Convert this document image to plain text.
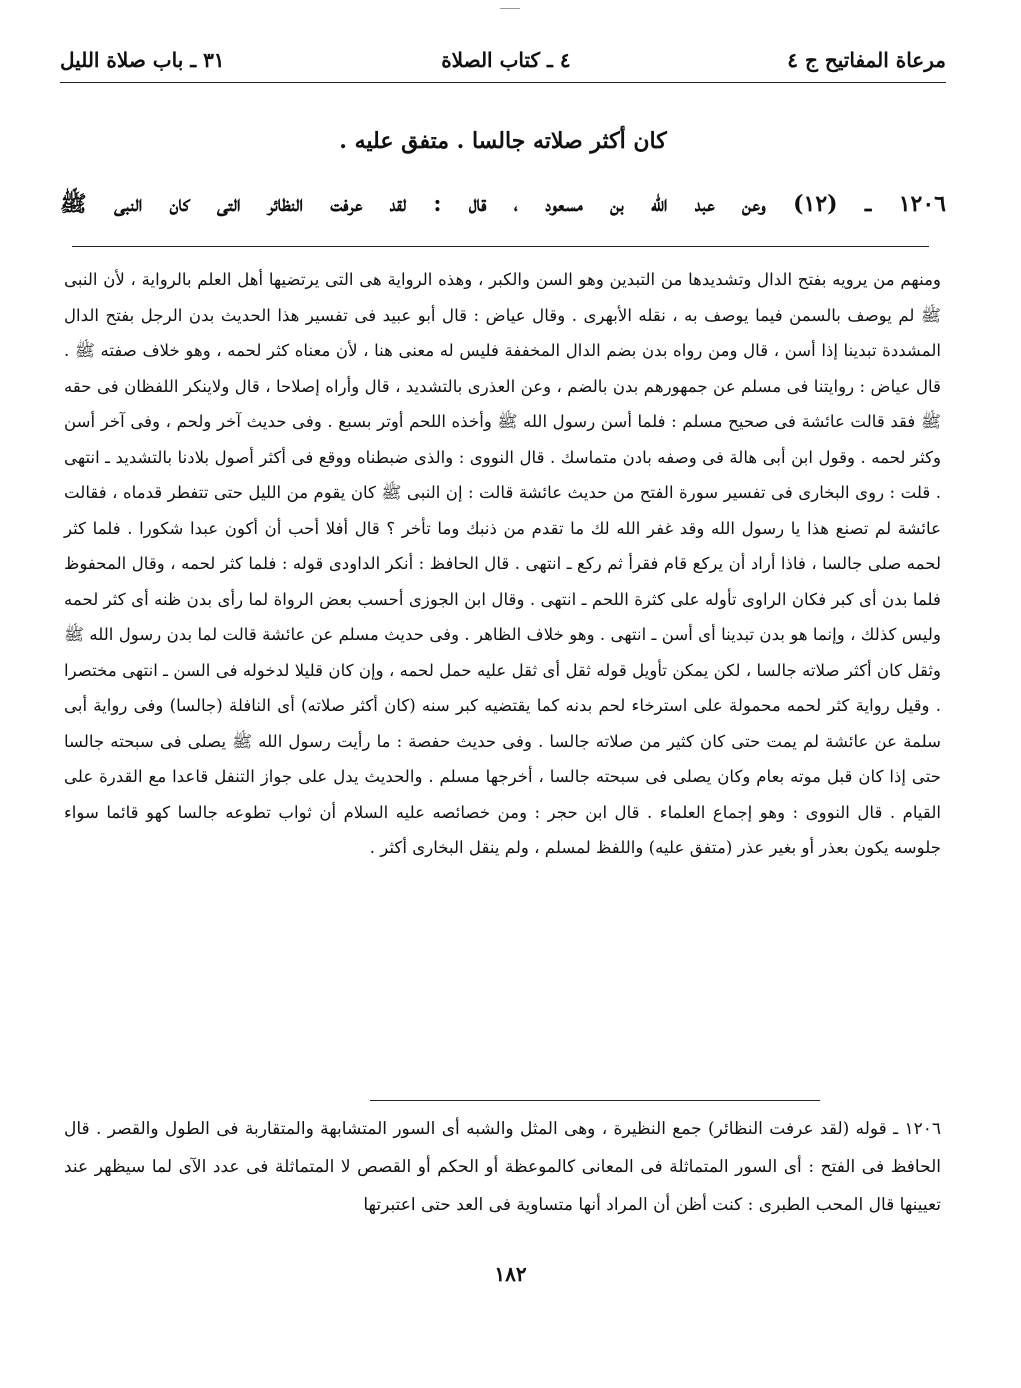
مرعاة المفاتيح ج ٤
٤ ـ كتاب الصلاة
٣١ ـ باب صلاة الليل
كان أكثر صلاته جالسا . متفق عليه .
١٢٠٦ ـ (١٢) وعن عبد الله بن مسعود ، قال : لقد عرفت النظائر التى كان النبى ﷺ

ومنهم من يرويه بفتح الدال وتشديدها من التبدين وهو السن والكبر ، وهذه الرواية هى التى يرتضيها أهل العلم بالرواية ، لأن النبى ﷺ لم يوصف بالسمن فيما يوصف به ، نقله الأبهرى . وقال عياض : قال أبو عبيد فى تفسير هذا الحديث بدن الرجل بفتح الدال المشددة تبدينا إذا أسن ، قال ومن رواه بدن بضم الدال المخففة فليس له معنى هنا ، لأن معناه كثر لحمه ، وهو خلاف صفته ﷺ . قال عياض : روايتنا فى مسلم عن جمهورهم بدن بالضم ، وعن العذرى بالتشديد ، قال وأراه إصلاحا ، قال ولاينكر اللفظان فى حقه ﷺ فقد قالت عائشة فى صحيح مسلم : فلما أسن رسول الله ﷺ وأخذه اللحم أوتر بسبع . وفى حديث آخر ولحم ، وفى آخر أسن وكثر لحمه . وقول ابن أبى هالة فى وصفه بادن متماسك . قال النووى : والذى ضبطناه ووقع فى أكثر أصول بلادنا بالتشديد ـ انتهى . قلت : روى البخارى فى تفسير سورة الفتح من حديث عائشة قالت : إن النبى ﷺ كان يقوم من الليل حتى تتفطر قدماه ، فقالت عائشة لم تصنع هذا يا رسول الله وقد غفر الله لك ما تقدم من ذنبك وما تأخر ؟ قال أفلا أحب أن أكون عبدا شكورا . فلما كثر لحمه صلى جالسا ، فاذا أراد أن يركع قام فقرأ ثم ركع ـ انتهى . قال الحافظ : أنكر الداودى قوله : فلما كثر لحمه ، وقال المحفوظ فلما بدن أى كبر فكان الراوى تأوله على كثرة اللحم ـ انتهى . وقال ابن الجوزى أحسب بعض الرواة لما رأى بدن ظنه أى كثر لحمه وليس كذلك ، وإنما هو بدن تبدينا أى أسن ـ انتهى . وهو خلاف الظاهر . وفى حديث مسلم عن عائشة قالت لما بدن رسول الله ﷺ وثقل كان أكثر صلاته جالسا ، لكن يمكن تأويل قوله ثقل أى ثقل عليه حمل لحمه ، وإن كان قليلا لدخوله فى السن ـ انتهى مختصرا . وقيل رواية كثر لحمه محمولة على استرخاء لحم بدنه كما يقتضيه كبر سنه (كان أكثر صلاته) أى النافلة (جالسا) وفى رواية أبى سلمة عن عائشة لم يمت حتى كان كثير من صلاته جالسا . وفى حديث حفصة : ما رأيت رسول الله ﷺ يصلى فى سبحته جالسا حتى إذا كان قبل موته بعام وكان يصلى فى سبحته جالسا ، أخرجها مسلم . والحديث يدل على جواز التنفل قاعدا مع القدرة على القيام . قال النووى : وهو إجماع العلماء . قال ابن حجر : ومن خصائصه عليه السلام أن ثواب تطوعه جالسا كهو قائما سواء جلوسه يكون بعذر أو بغير عذر (متفق عليه) واللفظ لمسلم ، ولم ينقل البخارى أكثر .

١٢٠٦ ـ قوله (لقد عرفت النظائر) جمع النظيرة ، وهى المثل والشبه أى السور المتشابهة والمتقاربة فى الطول والقصر . قال الحافظ فى الفتح : أى السور المتماثلة فى المعانى كالموعظة أو الحكم أو القصص لا المتماثلة فى عدد الآى لما سيظهر عند تعيينها قال المحب الطبرى : كنت أظن أن المراد أنها متساوية فى العد حتى اعتبرتها

١٨٢
